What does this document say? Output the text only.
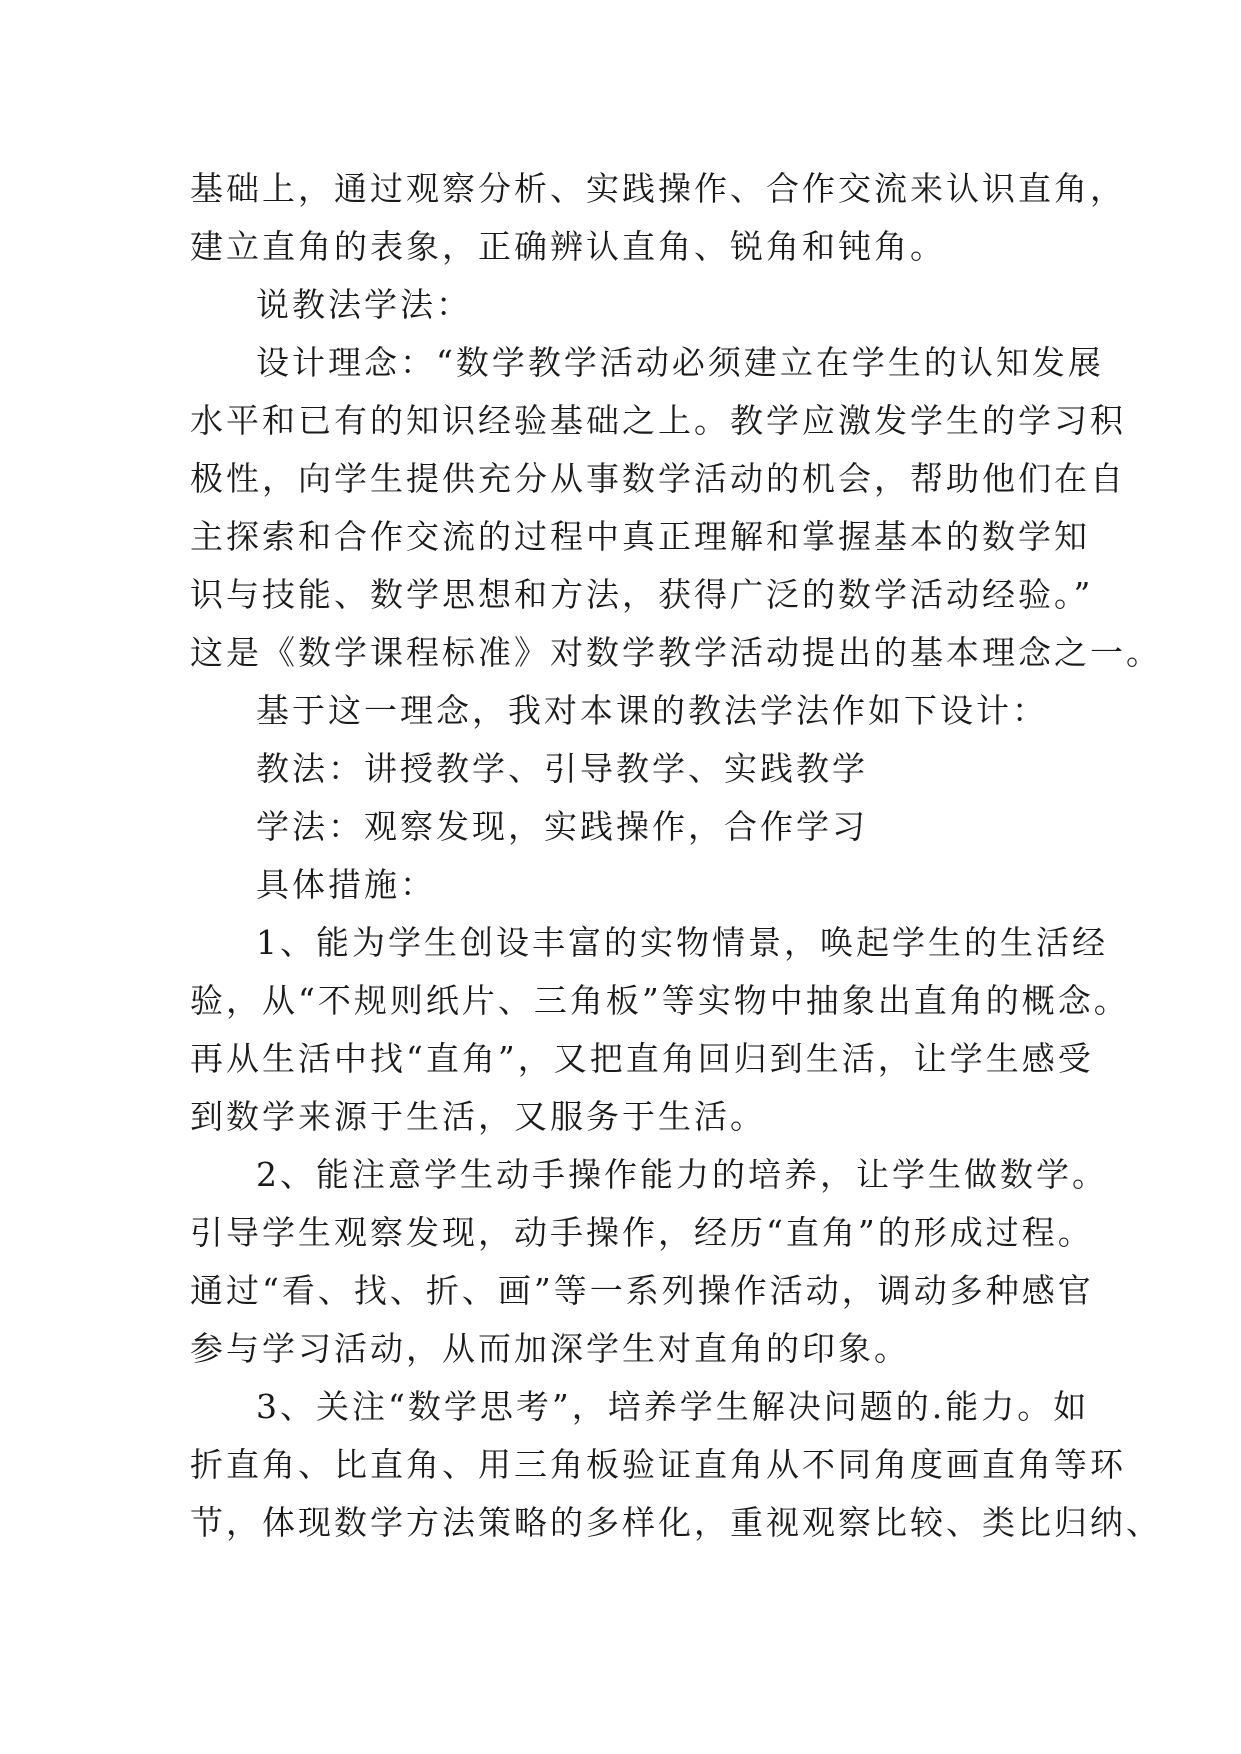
基础上，通过观察分析、实践操作、合作交流来认识直角，
建立直角的表象，正确辨认直角、锐角和钝角。
说教法学法：
设计理念：“数学教学活动必须建立在学生的认知发展
水平和已有的知识经验基础之上。教学应激发学生的学习积
极性，向学生提供充分从事数学活动的机会，帮助他们在自
主探索和合作交流的过程中真正理解和掌握基本的数学知
识与技能、数学思想和方法，获得广泛的数学活动经验。”
这是《数学课程标准》对数学教学活动提出的基本理念之一。
基于这一理念，我对本课的教法学法作如下设计：
教法：讲授教学、引导教学、实践教学
学法：观察发现，实践操作，合作学习
具体措施：
1、能为学生创设丰富的实物情景，唤起学生的生活经
验，从“不规则纸片、三角板”等实物中抽象出直角的概念。
再从生活中找“直角”，又把直角回归到生活，让学生感受
到数学来源于生活，又服务于生活。
2、能注意学生动手操作能力的培养，让学生做数学。
引导学生观察发现，动手操作，经历“直角”的形成过程。
通过“看、找、折、画”等一系列操作活动，调动多种感官
参与学习活动，从而加深学生对直角的印象。
3、关注“数学思考”，培养学生解决问题的.能力。如
折直角、比直角、用三角板验证直角从不同角度画直角等环
节，体现数学方法策略的多样化，重视观察比较、类比归纳、
